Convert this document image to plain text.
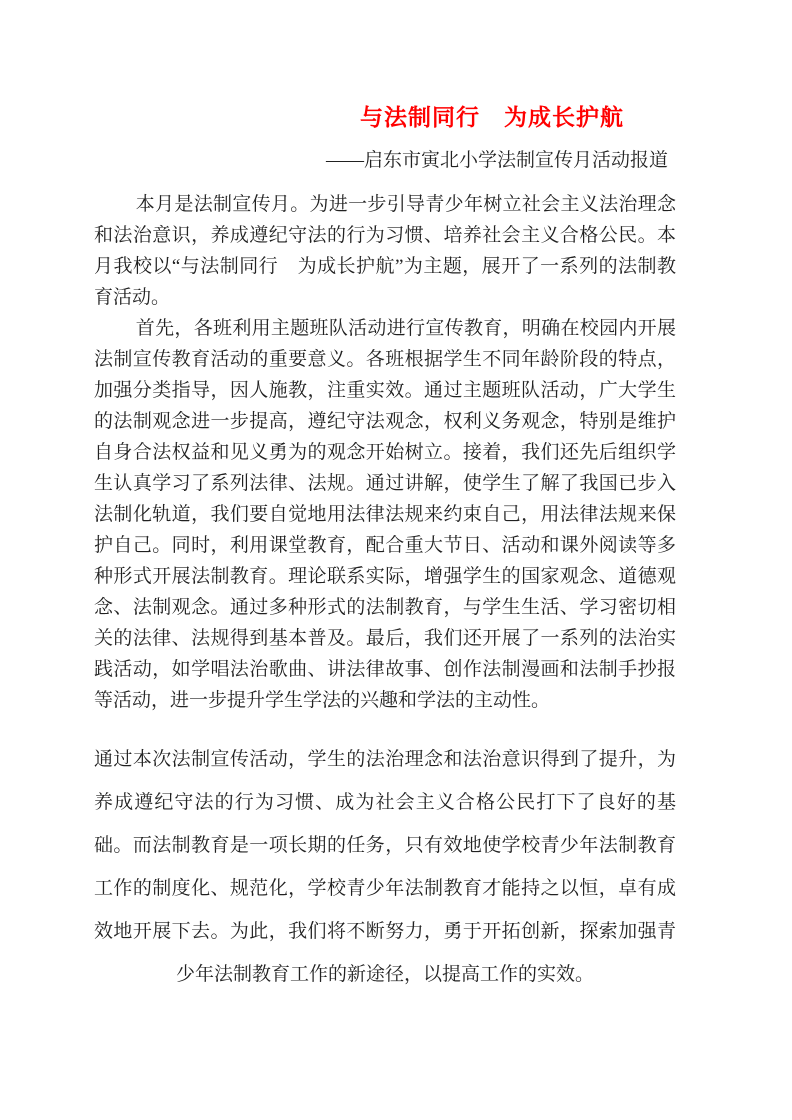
与法制同行　为成长护航
——启东市寅北小学法制宣传月活动报道

本月是法制宣传月。为进一步引导青少年树立社会主义法治理念和法治意识，养成遵纪守法的行为习惯、培养社会主义合格公民。本月我校以“与法制同行　为成长护航”为主题，展开了一系列的法制教育活动。

首先，各班利用主题班队活动进行宣传教育，明确在校园内开展法制宣传教育活动的重要意义。各班根据学生不同年龄阶段的特点，加强分类指导，因人施教，注重实效。通过主题班队活动，广大学生的法制观念进一步提高，遵纪守法观念，权利义务观念，特别是维护自身合法权益和见义勇为的观念开始树立。接着，我们还先后组织学生认真学习了系列法律、法规。通过讲解，使学生了解了我国已步入法制化轨道，我们要自觉地用法律法规来约束自己，用法律法规来保护自己。同时，利用课堂教育，配合重大节日、活动和课外阅读等多种形式开展法制教育。理论联系实际，增强学生的国家观念、道德观念、法制观念。通过多种形式的法制教育，与学生生活、学习密切相关的法律、法规得到基本普及。最后，我们还开展了一系列的法治实践活动，如学唱法治歌曲、讲法律故事、创作法制漫画和法制手抄报等活动，进一步提升学生学法的兴趣和学法的主动性。

通过本次法制宣传活动，学生的法治理念和法治意识得到了提升，为养成遵纪守法的行为习惯、成为社会主义合格公民打下了良好的基础。而法制教育是一项长期的任务，只有效地使学校青少年法制教育工作的制度化、规范化，学校青少年法制教育才能持之以恒，卓有成效地开展下去。为此，我们将不断努力，勇于开拓创新，探索加强青少年法制教育工作的新途径，以提高工作的实效。
